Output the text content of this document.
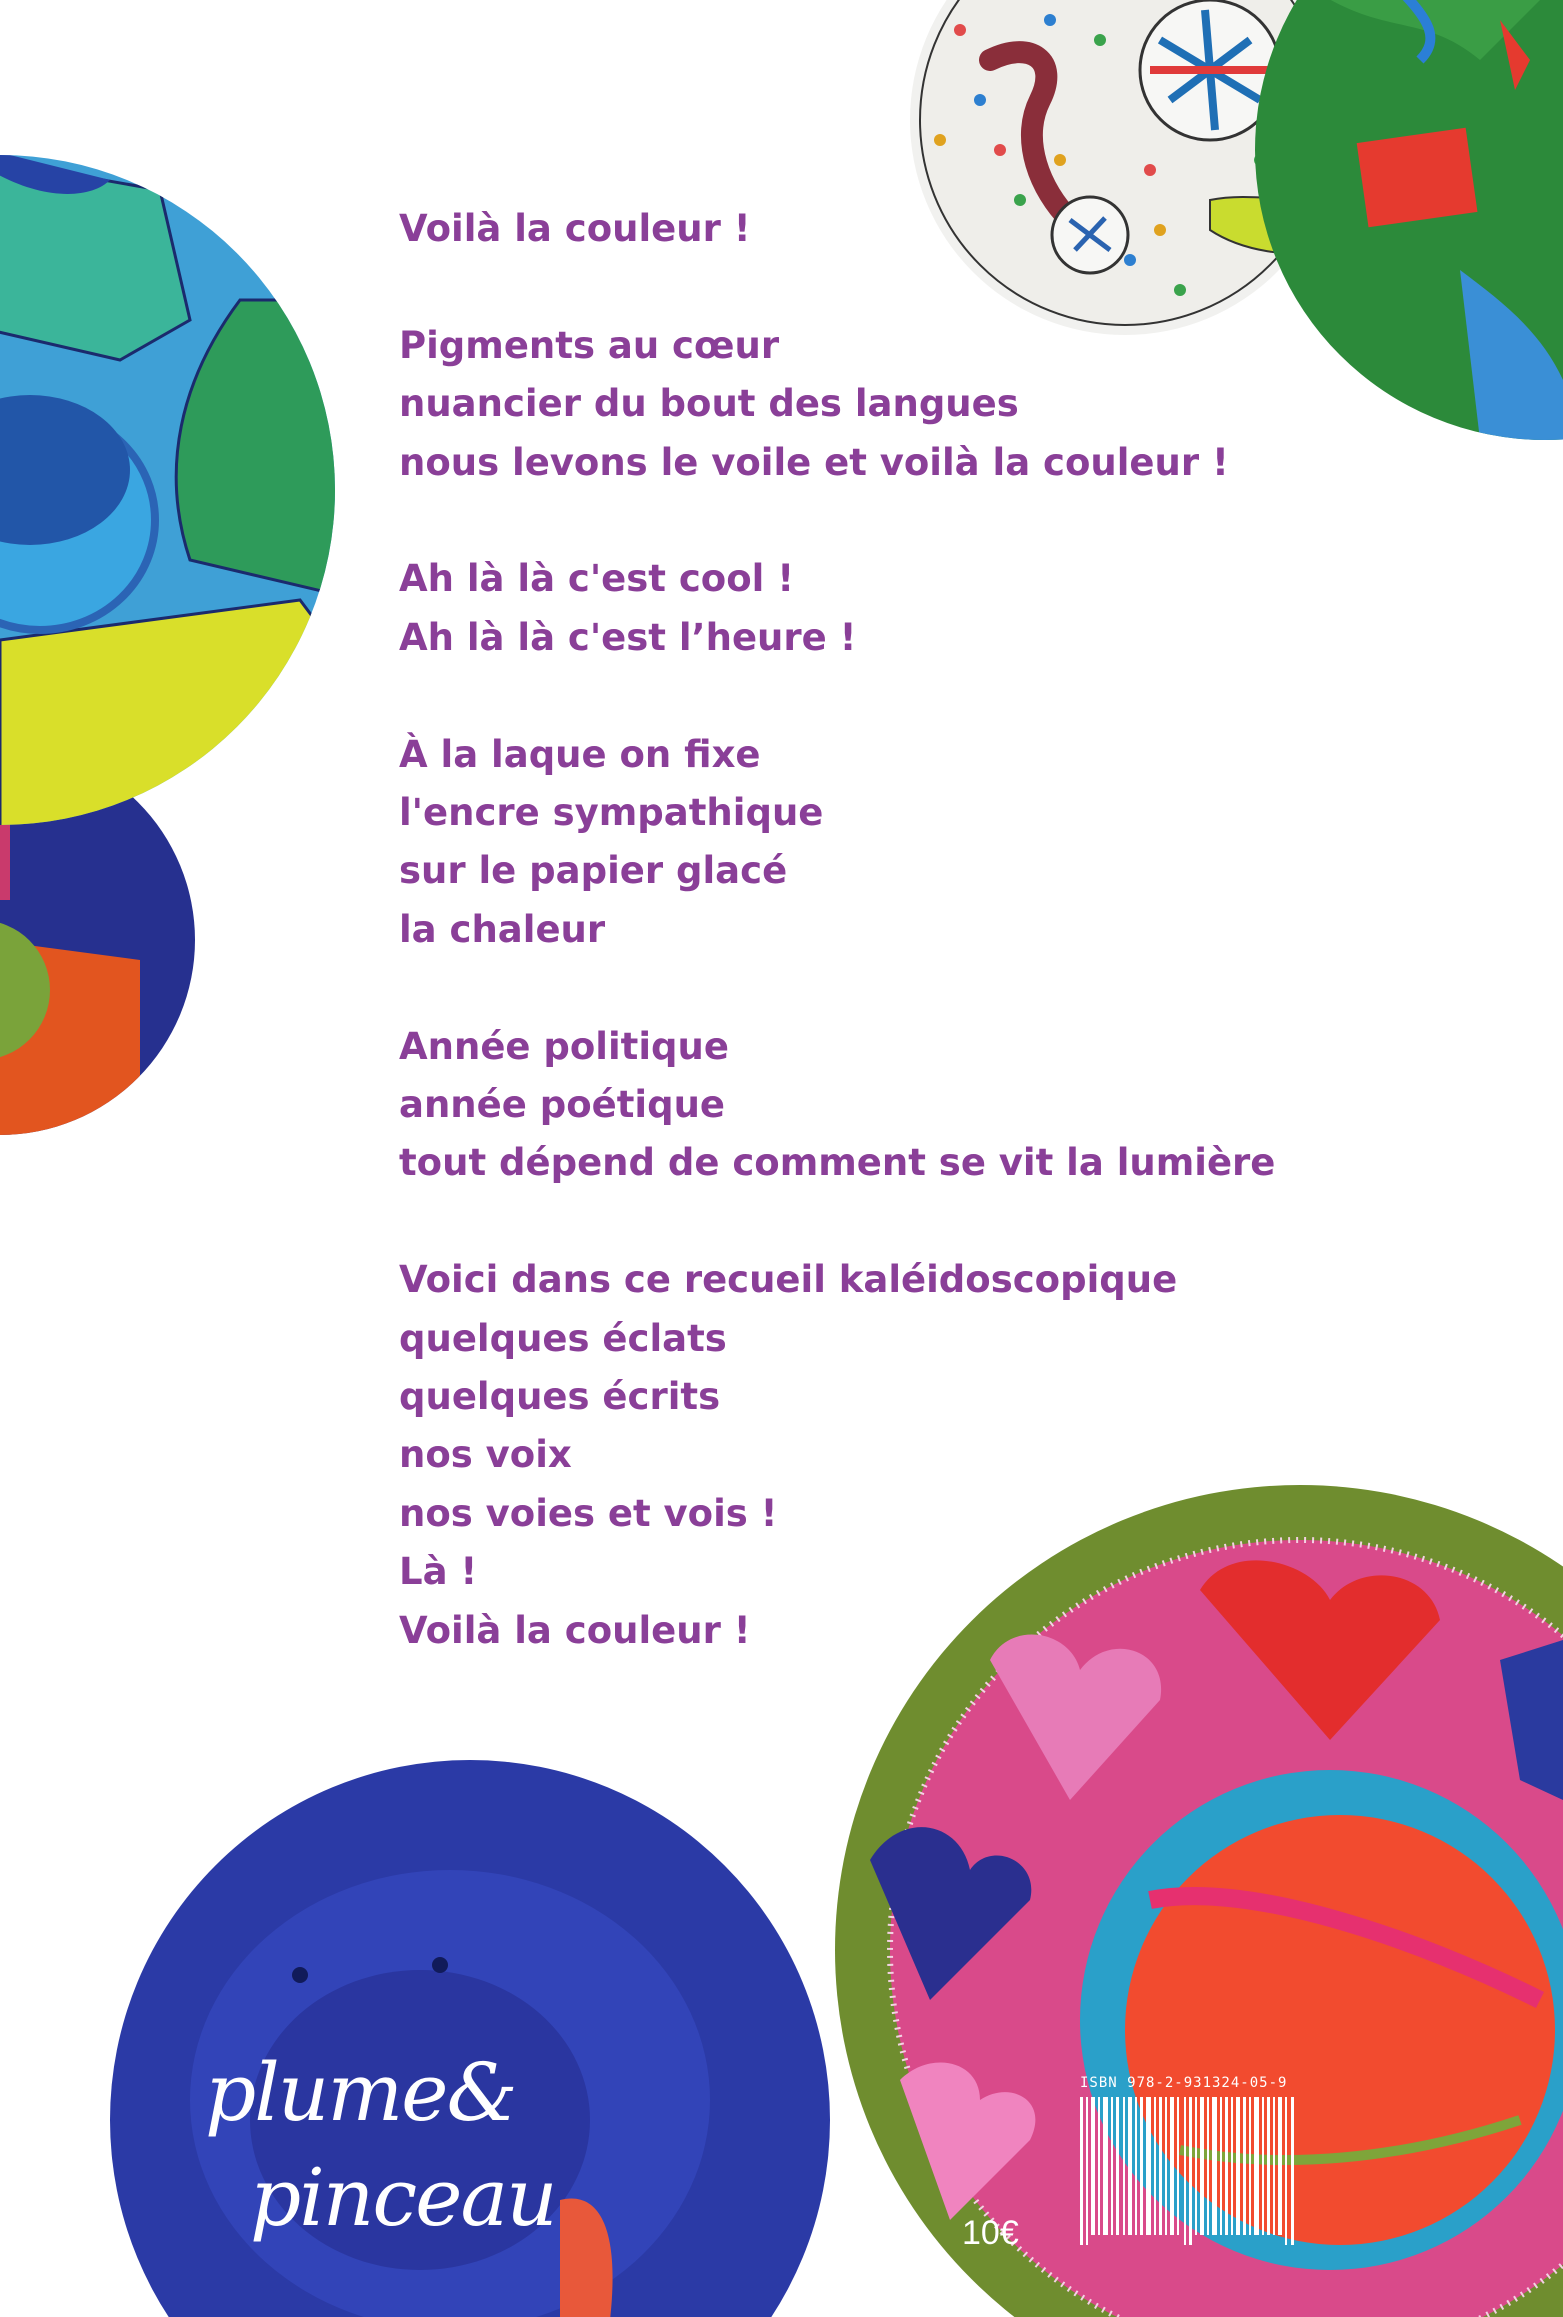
Voilà la couleur !
Pigments au cœur
nuancier du bout des langues
nous levons le voile et voilà la couleur !
Ah là là c'est cool !
Ah là là c'est l’heure !
À la laque on fixe
l'encre sympathique
sur le papier glacé
la chaleur
Année politique
année poétique
tout dépend de comment se vit la lumière
Voici dans ce recueil kaléidoscopique
quelques éclats
quelques écrits
nos voix
nos voies et vois !
Là !
Voilà la couleur !
plume&
pinceau
ISBN 978-2-931324-05-9
10€
